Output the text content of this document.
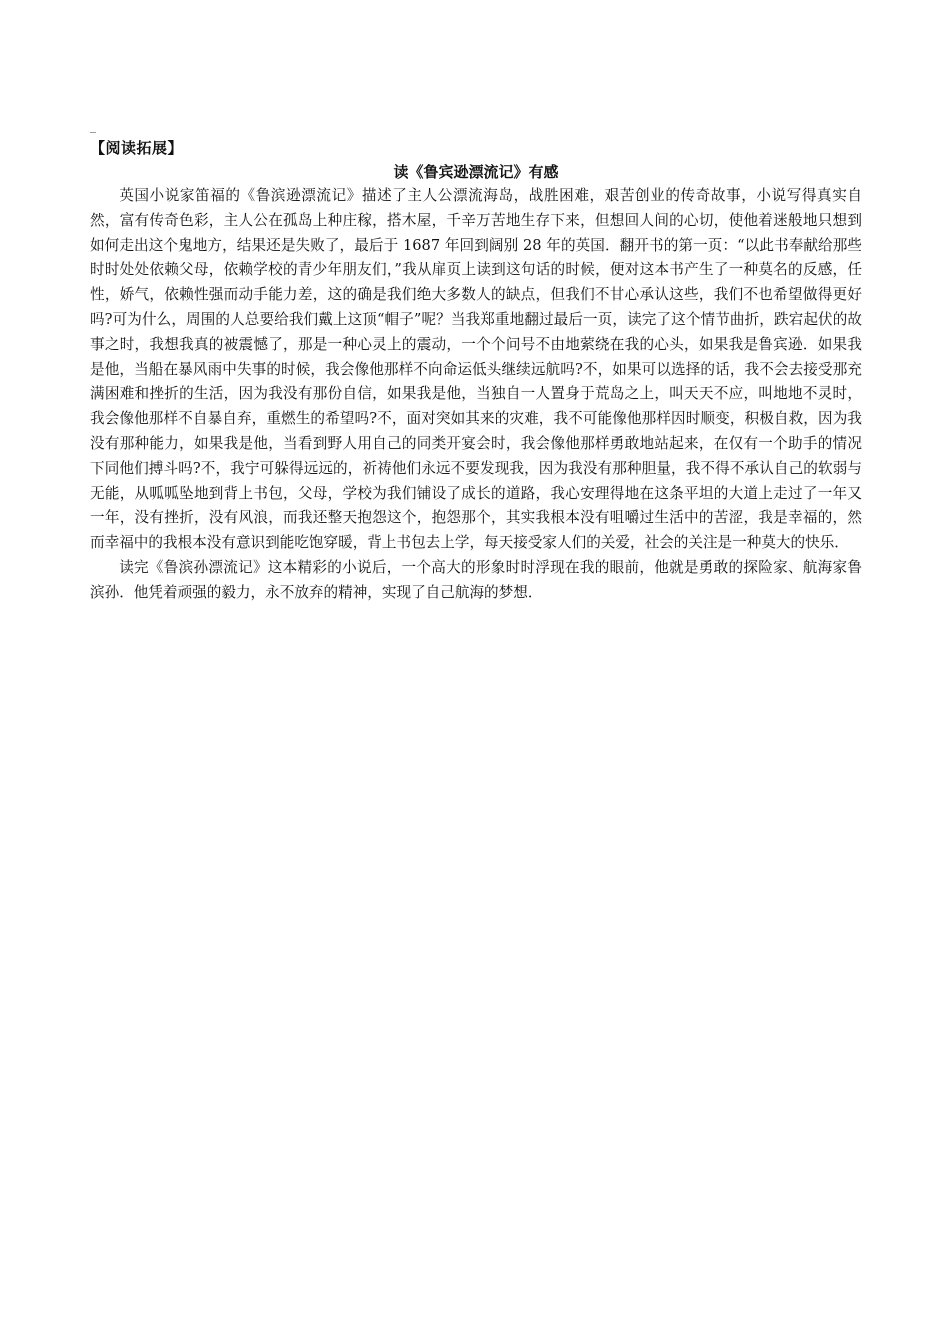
_
【阅读拓展】
读《鲁宾逊漂流记》有感

英国小说家笛福的《鲁滨逊漂流记》描述了主人公漂流海岛，战胜困难，艰苦创业的传奇故事，小说写得真实自然，富有传奇色彩，主人公在孤岛上种庄稼，搭木屋，千辛万苦地生存下来，但想回人间的心切，使他着迷般地只想到如何走出这个鬼地方，结果还是失败了，最后于 1687 年回到阔别 28 年的英国．翻开书的第一页：“以此书奉献给那些时时处处依赖父母，依赖学校的青少年朋友们，”我从扉页上读到这句话的时候，便对这本书产生了一种莫名的反感，任性，娇气，依赖性强而动手能力差，这的确是我们绝大多数人的缺点，但我们不甘心承认这些，我们不也希望做得更好吗?可为什么，周围的人总要给我们戴上这顶“帽子”呢？当我郑重地翻过最后一页，读完了这个情节曲折，跌宕起伏的故事之时，我想我真的被震憾了，那是一种心灵上的震动，一个个问号不由地萦绕在我的心头，如果我是鲁宾逊．如果我是他，当船在暴风雨中失事的时候，我会像他那样不向命运低头继续远航吗?不，如果可以选择的话，我不会去接受那充满困难和挫折的生活，因为我没有那份自信，如果我是他，当独自一人置身于荒岛之上，叫天天不应，叫地地不灵时，我会像他那样不自暴自弃，重燃生的希望吗?不，面对突如其来的灾难，我不可能像他那样因时顺变，积极自救，因为我没有那种能力，如果我是他，当看到野人用自己的同类开宴会时，我会像他那样勇敢地站起来，在仅有一个助手的情况下同他们搏斗吗?不，我宁可躲得远远的，祈祷他们永远不要发现我，因为我没有那种胆量，我不得不承认自己的软弱与无能，从呱呱坠地到背上书包，父母，学校为我们铺设了成长的道路，我心安理得地在这条平坦的大道上走过了一年又一年，没有挫折，没有风浪，而我还整天抱怨这个，抱怨那个，其实我根本没有咀嚼过生活中的苦涩，我是幸福的，然而幸福中的我根本没有意识到能吃饱穿暖，背上书包去上学，每天接受家人们的关爱，社会的关注是一种莫大的快乐．

读完《鲁滨孙漂流记》这本精彩的小说后，一个高大的形象时时浮现在我的眼前，他就是勇敢的探险家、航海家鲁滨孙．他凭着顽强的毅力，永不放弃的精神，实现了自己航海的梦想．
